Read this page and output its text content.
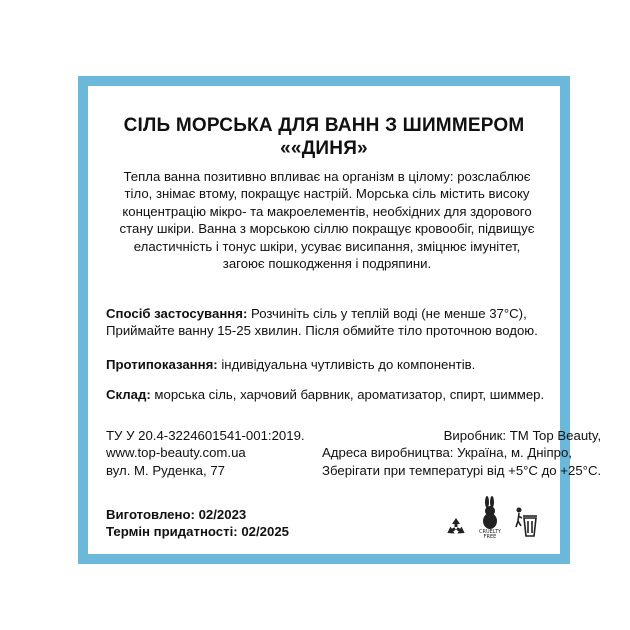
СІЛЬ МОРСЬКА ДЛЯ ВАНН З ШИММЕРОМ
««ДИНЯ»
Тепла ванна позитивно впливає на організм в цілому: розслаблює
тіло, знімає втому, покращує настрій. Морська сіль містить високу
концентрацію мікро- та макроелементів, необхідних для здорового
стану шкіри. Ванна з морською сіллю покращує кровообіг, підвищує
еластичність і тонус шкіри, усуває висипання, зміцнює імунітет,
загоює пошкодження і подряпини.
Спосіб застосування: Розчиніть сіль у теплій воді (не менше 37°C),
Приймайте ванну 15-25 хвилин. Після обмийте тіло проточною водою.
Протипоказання: індивідуальна чутливість до компонентів.
Склад: морська сіль, харчовий барвник, ароматизатор, спирт, шиммер.
ТУ У 20.4-3224601541-001:2019.
www.top-beauty.com.ua
вул. М. Руденка, 77
Виробник: ТМ Top Beauty,
Адреса виробництва: Україна, м. Дніпро,
Зберігати при температурі від +5°C до +25°C.
Виготовлено: 02/2023
Термін придатності: 02/2025	CRUELTY
FREE
